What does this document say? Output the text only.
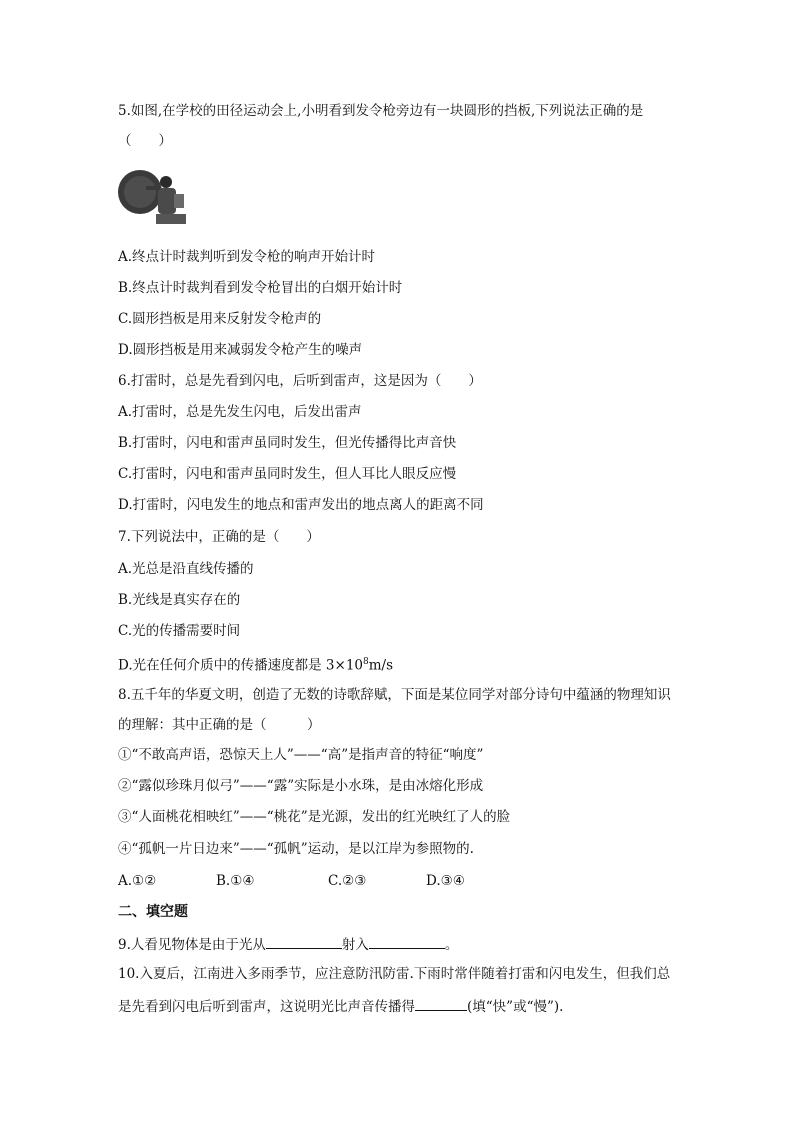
5.如图,在学校的田径运动会上,小明看到发令枪旁边有一块圆形的挡板,下列说法正确的是
（　　）
A.终点计时裁判听到发令枪的响声开始计时
B.终点计时裁判看到发令枪冒出的白烟开始计时
C.圆形挡板是用来反射发令枪声的
D.圆形挡板是用来减弱发令枪产生的噪声
6.打雷时，总是先看到闪电，后听到雷声，这是因为（　　）
A.打雷时，总是先发生闪电，后发出雷声
B.打雷时，闪电和雷声虽同时发生，但光传播得比声音快
C.打雷时，闪电和雷声虽同时发生，但人耳比人眼反应慢
D.打雷时，闪电发生的地点和雷声发出的地点离人的距离不同
7.下列说法中，正确的是（　　）
A.光总是沿直线传播的
B.光线是真实存在的
C.光的传播需要时间
D.光在任何介质中的传播速度都是 $3\times 10^8m/s$
8.五千年的华夏文明，创造了无数的诗歌辞赋，下面是某位同学对部分诗句中蕴涵的物理知识
的理解：其中正确的是（　　　）
①“不敢高声语，恐惊天上人”——“高”是指声音的特征“响度”
②“露似珍珠月似弓”——“露”实际是小水珠，是由冰熔化形成
③“人面桃花相映红”——“桃花”是光源，发出的红光映红了人的脸
④“孤帆一片日边来”——“孤帆”运动，是以江岸为参照物的.
A.①②	B.①④	C.②③	D.③④
二、填空题
9.人看见物体是由于光从	射入	。
10.入夏后，江南进入多雨季节，应注意防汛防雷.下雨时常伴随着打雷和闪电发生，但我们总
是先看到闪电后听到雷声，这说明光比声音传播得	(填“快”或“慢”).
